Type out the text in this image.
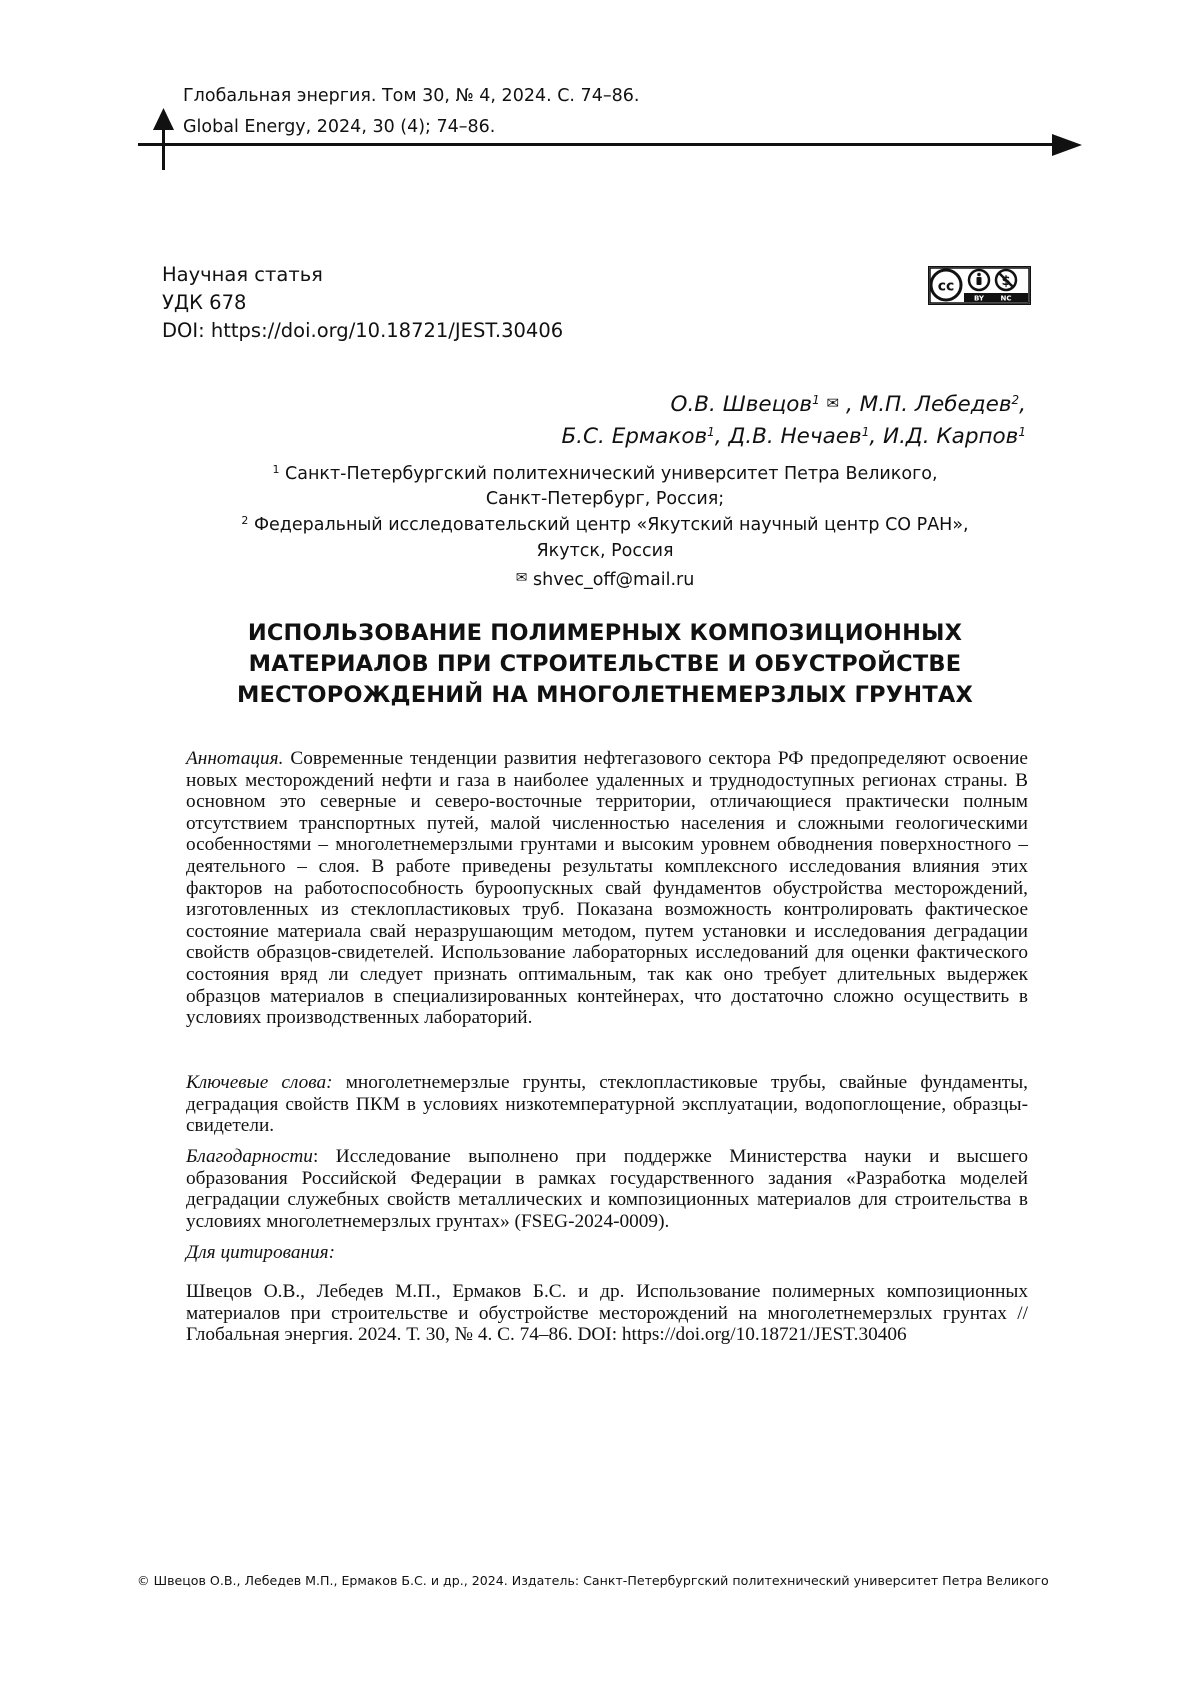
Глобальная энергия. Том 30, № 4, 2024. С. 74–86.
Global Energy, 2024, 30 (4); 74–86.
Научная статья
УДК 678
DOI: https://doi.org/10.18721/JEST.30406
cc
BY NC
О.В. Швецов1 ✉ , М.П. Лебедев2,
Б.С. Ермаков1, Д.В. Нечаев1, И.Д. Карпов1
1 Санкт-Петербургский политехнический университет Петра Великого,
Санкт-Петербург, Россия;
2 Федеральный исследовательский центр «Якутский научный центр СО РАН»,
Якутск, Россия
✉ shvec_off@mail.ru
ИСПОЛЬЗОВАНИЕ ПОЛИМЕРНЫХ КОМПОЗИЦИОННЫХ
МАТЕРИАЛОВ ПРИ СТРОИТЕЛЬСТВЕ И ОБУСТРОЙСТВЕ
МЕСТОРОЖДЕНИЙ НА МНОГОЛЕТНЕМЕРЗЛЫХ ГРУНТАХ
Аннотация. Современные тенденции развития нефтегазового сектора РФ предопределяют освоение новых месторождений нефти и газа в наиболее удаленных и труднодоступных регионах страны. В основном это северные и северо-восточные территории, отличающиеся практически полным отсутствием транспортных путей, малой численностью населения и сложными геологическими особенностями – многолетнемерзлыми грунтами и высоким уровнем обводнения поверхностного – деятельного – слоя. В работе приведены результаты комплексного исследования влияния этих факторов на работоспособность буроопускных свай фундаментов обустройства месторождений, изготовленных из стеклопластиковых труб. Показана возможность контролировать фактическое состояние материала свай неразрушающим методом, путем установки и исследования деградации свойств образцов-свидетелей. Использование лабораторных исследований для оценки фактического состояния вряд ли следует признать оптимальным, так как оно требует длительных выдержек образцов материалов в специализированных контейнерах, что достаточно сложно осуществить в условиях производственных лабораторий.
Ключевые слова: многолетнемерзлые грунты, стеклопластиковые трубы, свайные фундаменты, деградация свойств ПКМ в условиях низкотемпературной эксплуатации, водопоглощение, образцы-свидетели.
Благодарности: Исследование выполнено при поддержке Министерства науки и высшего образования Российской Федерации в рамках государственного задания «Разработка моделей деградации служебных свойств металлических и композиционных материалов для строительства в условиях многолетнемерзлых грунтах» (FSEG-2024-0009).
Для цитирования:
Швецов О.В., Лебедев М.П., Ермаков Б.С. и др. Использование полимерных композиционных материалов при строительстве и обустройстве месторождений на многолетнемерзлых грунтах // Глобальная энергия. 2024. Т. 30, № 4. С. 74–86. DOI: https://doi.org/10.18721/JEST.30406
© Швецов О.В., Лебедев М.П., Ермаков Б.С. и др., 2024. Издатель: Санкт-Петербургский политехнический университет Петра Великого
